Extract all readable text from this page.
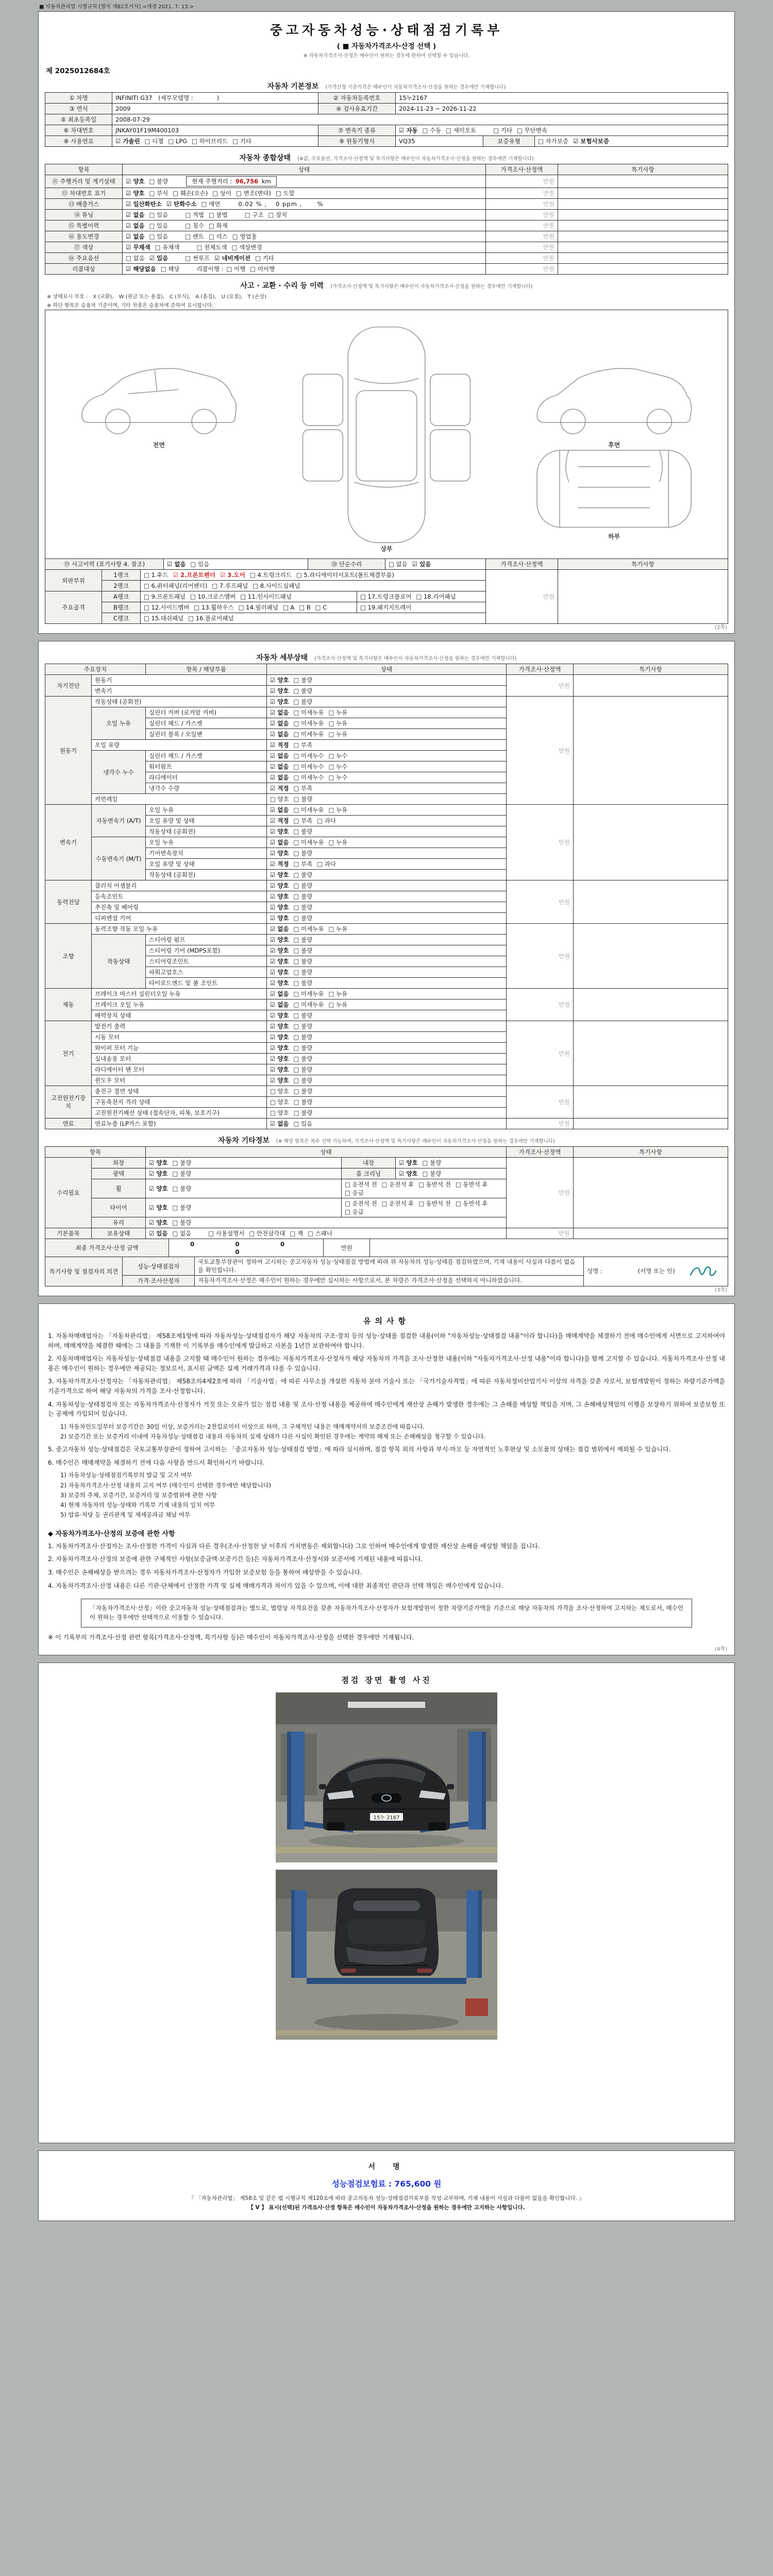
■ 자동차관리법 시행규칙 [별지 제82호서식] <개정 2021. 7. 13.>
중고자동차성능·상태점검기록부
( ■ 자동차가격조사·산정 선택 )
※ 자동차가격조사·산정은 매수인이 원하는 경우에 한하여 선택할 수 있습니다.
제 2025012684호
자동차 기본정보 (가격산정 기준가격은 매수인이 자동차가격조사·산정을 원하는 경우에만 기재합니다)
① 차명	INFINITI G37　(세부모델명 :　　　　)	② 자동차등록번호	15누2167		
③ 연식	2009	④ 검사유효기간	2024-11-23 ~ 2026-11-22		
⑤ 최초등록일	2008-07-29				
⑥ 차대번호	JNKAY01F19M400103	⑦ 변속기 종류	☑ 자동 □ 수동 □ 세미오토 □ 기타 □ 무단변속		
⑧ 사용연료	☑ 가솔린 □ 디젤 □ LPG □ 하이브리드 □ 기타	⑨ 원동기형식	VQ35	보증유형	□ 자가보증 ☑ 보험사보증
자동차 종합상태 (※값, 주요옵션, 가격조사·산정액 및 특기사항은 매수인이 자동차가격조사·산정을 원하는 경우에만 기재합니다)
항목	상태	가격조사·산정액	특기사항
⑪ 주행거리 및 계기상태	☑ 양호 □ 불량 현재 주행거리 : 96,756 km	만원	
⑫ 차대번호 표기	☑ 양호 □ 부식 □ 훼손(오손) □ 상이 □ 변조(변타) □ 도말	만원	
⑬ 배출가스	☑ 일산화탄소 ☑ 탄화수소 □ 매연 0.02 % ,　 0 ppm ,　　 %	만원	
⑭ 튜닝	☑ 없음 □ 있음 □ 적법 □ 불법 □ 구조 □ 장치	만원	
⑮ 특별이력	☑ 없음 □ 있음 □ 침수 □ 화재	만원	
⑯ 용도변경	☑ 없음 □ 있음 □ 렌트 □ 리스 □ 영업용	만원	
⑰ 색상	☑ 무채색 □ 유채색 □ 전체도색 □ 색상변경	만원	
⑱ 주요옵션	□ 없음 ☑ 있음 □ 썬루프 ☑ 네비게이션 □ 기타	만원	
리콜대상	☑ 해당없음 □ 해당 리콜이행 : □ 이행 □ 미이행	만원	
사고 · 교환 · 수리 등 이력 (가격조사·산정액 및 특기사항은 매수인이 자동차가격조사·산정을 원하는 경우에만 기재합니다)
※ 상태표시 부호 :　X (교환),　W (판금 또는 용접),　C (부식),　A (흠집),　U (요철),　T (손상)
※ 하단 항목은 승용차 기준이며, 기타 차종은 승용차에 준하여 표시합니다.
전면
상부
후면
하부
⑲ 사고이력 (표기사항 4. 참조)	☑ 없음 □ 있음	⑳ 단순수리	□ 없음 ☑ 있음	가격조사·산정액	특기사항
외판부위	1랭크	□ 1.후드 ☑ 2.프론트펜더 ☑ 3.도어 □ 4.트렁크리드 □ 5.라디에이터서포트(볼트체결부품)		만원	
	2랭크	□ 6.쿼터패널(리어펜더) □ 7.루프패널 □ 8.사이드실패널			
주요골격	A랭크	□ 9.프론트패널 □ 10.크로스멤버 □ 11.인사이드패널	□ 17.트렁크플로어 □ 18.리어패널		
	B랭크	□ 12.사이드멤버 □ 13.휠하우스 □ 14.필러패널 □ A □ B □ C	□ 19.패키지트레이		
	C랭크	□ 15.대쉬패널 □ 16.플로어패널			
(2쪽)
자동차 세부상태 (가격조사·산정액 및 특기사항은 매수인이 자동차가격조사·산정을 원하는 경우에만 기재합니다)
주요장치		항목 / 해당부품	상태	가격조사·산정액	특기사항
자기진단	원동기		☑ 양호 □ 불량	만원	
	변속기		☑ 양호 □ 불량		
원동기	작동상태 (공회전)		☑ 양호 □ 불량	만원	
	오일 누유	실린더 커버 (로커암 커버)	☑ 없음 □ 미세누유 □ 누유		
		실린더 헤드 / 가스켓	☑ 없음 □ 미세누유 □ 누유		
		실린더 블록 / 오일팬	☑ 없음 □ 미세누유 □ 누유		
	오일 유량		☑ 적정 □ 부족		
	냉각수 누수	실린더 헤드 / 가스켓	☑ 없음 □ 미세누수 □ 누수		
		워터펌프	☑ 없음 □ 미세누수 □ 누수		
		라디에이터	☑ 없음 □ 미세누수 □ 누수		
		냉각수 수량	☑ 적정 □ 부족		
	커먼레일		□ 양호 □ 불량		
변속기	자동변속기 (A/T)	오일 누유	☑ 없음 □ 미세누유 □ 누유	만원	
		오일 유량 및 상태	☑ 적정 □ 부족 □ 과다		
		작동상태 (공회전)	☑ 양호 □ 불량		
	수동변속기 (M/T)	오일 누유	☑ 없음 □ 미세누유 □ 누유		
		기어변속장치	☑ 양호 □ 불량		
		오일 유량 및 상태	☑ 적정 □ 부족 □ 과다		
		작동상태 (공회전)	☑ 양호 □ 불량		
동력전달	클러치 어셈블리		☑ 양호 □ 불량	만원	
	등속조인트		☑ 양호 □ 불량		
	추진축 및 베어링		☑ 양호 □ 불량		
	디퍼렌셜 기어		☑ 양호 □ 불량		
조향	동력조향 작동 오일 누유		☑ 없음 □ 미세누유 □ 누유	만원	
	작동상태	스티어링 펌프	☑ 양호 □ 불량		
		스티어링 기어 (MDPS포함)	☑ 양호 □ 불량		
		스티어링조인트	☑ 양호 □ 불량		
		파워고압호스	☑ 양호 □ 불량		
		타이로드엔드 및 볼 조인트	☑ 양호 □ 불량		
제동	브레이크 마스터 실린더오일 누유		☑ 없음 □ 미세누유 □ 누유	만원	
	브레이크 오일 누유		☑ 없음 □ 미세누유 □ 누유		
	배력장치 상태		☑ 양호 □ 불량		
전기	발전기 출력		☑ 양호 □ 불량	만원	
	시동 모터		☑ 양호 □ 불량		
	와이퍼 모터 기능		☑ 양호 □ 불량		
	실내송풍 모터		☑ 양호 □ 불량		
	라디에이터 팬 모터		☑ 양호 □ 불량		
	윈도우 모터		☑ 양호 □ 불량		
고전원전기장치	충전구 절연 상태		□ 양호 □ 불량	만원	
	구동축전지 격리 상태		□ 양호 □ 불량		
	고전원전기배선 상태 (접속단자, 피복, 보호기구)		□ 양호 □ 불량		
연료	연료누출 (LP가스 포함)		☑ 없음 □ 있음	만원	
자동차 기타정보 (※ 해당 항목은 복수 선택 가능하며, 가격조사·산정액 및 특기사항은 매수인이 자동차가격조사·산정을 원하는 경우에만 기재합니다)
항목		상태			가격조사·산정액	특기사항
수리필요	외장	☑ 양호 □ 불량	내장	☑ 양호 □ 불량	만원	
	광택	☑ 양호 □ 불량	룸 크리닝	☑ 양호 □ 불량		
	휠	☑ 양호 □ 불량	□ 운전석 전 □ 운전석 후 □ 동반석 전 □ 동반석 후□ 응급			
	타이어	☑ 양호 □ 불량	□ 운전석 전 □ 운전석 후 □ 동반석 전 □ 동반석 후□ 응급			
	유리	☑ 양호 □ 불량				
기본품목	보유상태	☑ 있음 □ 없음 □ 사용설명서 □ 안전삼각대 □ 잭 □ 스패너			만원	
최종 가격조사·산정 금액	0　0　0　0	만원	
특기사항 및 점검자의 의견	성능·상태점검자	국토교통부장관이 정하여 고시하는 중고자동차 성능·상태점검 방법에 따라 위 자동차의 성능·상태를 점검하였으며, 기재 내용이 사실과 다름이 없음을 확인합니다.	성명 :　　　　　　(서명 또는 인)

	가격·조사산정자	자동차가격조사·산정은 매수인이 원하는 경우에만 실시하는 사항으로서, 본 차량은 가격조사·산정을 선택하지 아니하였습니다.	
(3쪽)
유의사항
1. 자동차매매업자는 「자동차관리법」 제58조제1항에 따라 자동차성능·상태점검자가 해당 자동차의 구조·장치 등의 성능·상태를 점검한 내용(이하 "자동차성능·상태점검 내용"이라 합니다)을 매매계약을 체결하기 전에 매수인에게 서면으로 고지하여야 하며, 매매계약을 체결한 때에는 그 내용을 기재한 이 기록부를 매수인에게 발급하고 사본을 1년간 보관하여야 합니다.
2. 자동차매매업자는 자동차성능·상태점검 내용을 고지할 때 매수인이 원하는 경우에는 자동차가격조사·산정자가 해당 자동차의 가격을 조사·산정한 내용(이하 "자동차가격조사·산정 내용"이라 합니다)을 함께 고지할 수 있습니다. 자동차가격조사·산정 내용은 매수인이 원하는 경우에만 제공되는 정보로서, 표시된 금액은 실제 거래가격과 다를 수 있습니다.
3. 자동차가격조사·산정자는 「자동차관리법」 제58조의4제2호에 따라 「기술사법」에 따른 사무소를 개설한 자동차 분야 기술사 또는 「국가기술자격법」에 따른 자동차정비산업기사 이상의 자격을 갖춘 자로서, 보험개발원이 정하는 차량기준가액을 기준가격으로 하여 해당 자동차의 가격을 조사·산정합니다.
4. 자동차성능·상태점검자 또는 자동차가격조사·산정자가 거짓 또는 오류가 있는 점검 내용 및 조사·산정 내용을 제공하여 매수인에게 재산상 손해가 발생한 경우에는 그 손해를 배상할 책임을 지며, 그 손해배상책임의 이행을 보장하기 위하여 보증보험 또는 공제에 가입되어 있습니다.
1) 자동차인도일부터 보증기간은 30일 이상, 보증거리는 2천킬로미터 이상으로 하며, 그 구체적인 내용은 매매계약서의 보증조건에 따릅니다.
2) 보증기간 또는 보증거리 이내에 자동차성능·상태점검 내용과 자동차의 실제 상태가 다른 사실이 확인된 경우에는 계약의 해제 또는 손해배상을 청구할 수 있습니다.
5. 중고자동차 성능·상태점검은 국토교통부장관이 정하여 고시하는 「중고자동차 성능·상태점검 방법」에 따라 실시하며, 점검 항목 외의 사항과 부식·마모 등 자연적인 노후현상 및 소모품의 상태는 점검 범위에서 제외될 수 있습니다.
6. 매수인은 매매계약을 체결하기 전에 다음 사항을 반드시 확인하시기 바랍니다.
1) 자동차성능·상태점검기록부의 발급 및 고지 여부
2) 자동차가격조사·산정 내용의 고지 여부 (매수인이 선택한 경우에만 해당합니다)
3) 보증의 주체, 보증기간, 보증거리 및 보증범위에 관한 사항
4) 현재 자동차의 성능·상태와 기록부 기재 내용의 일치 여부
5) 압류·저당 등 권리관계 및 제세공과금 체납 여부
◆ 자동차가격조사·산정의 보증에 관한 사항
1. 자동차가격조사·산정자는 조사·산정한 가격이 사실과 다른 경우(조사·산정한 날 이후의 가치변동은 제외합니다) 그로 인하여 매수인에게 발생한 재산상 손해를 배상할 책임을 집니다.
2. 자동차가격조사·산정의 보증에 관한 구체적인 사항(보증금액·보증기간 등)은 자동차가격조사·산정서와 보증서에 기재된 내용에 따릅니다.
3. 매수인은 손해배상을 받으려는 경우 자동차가격조사·산정자가 가입한 보증보험 등을 통하여 배상받을 수 있습니다.
4. 자동차가격조사·산정 내용은 다른 기관·단체에서 산정한 가격 및 실제 매매가격과 차이가 있을 수 있으며, 이에 대한 최종적인 판단과 선택 책임은 매수인에게 있습니다.
「자동차가격조사·산정」이란 중고자동차 성능·상태점검과는 별도로, 법령상 자격요건을 갖춘 자동차가격조사·산정자가 보험개발원이 정한 차량기준가액을 기준으로 해당 자동차의 가격을 조사·산정하여 고지하는 제도로서, 매수인이 원하는 경우에만 선택적으로 이용할 수 있습니다.
※ 이 기록부의 가격조사·산정 관련 항목(가격조사·산정액, 특기사항 등)은 매수인이 자동차가격조사·산정을 선택한 경우에만 기재됩니다.
(4쪽)
점검 장면 촬영 사진
15누 2167
서　명
성능점검보험료 : 765,600 원
『 「자동차관리법」 제58조 및 같은 법 시행규칙 제120조에 따라 중고자동차 성능·상태점검기록부를 작성·교부하며, 기재 내용이 사실과 다름이 없음을 확인합니다. 』
【 V 】 표시(선택)된 가격조사·산정 항목은 매수인이 자동차가격조사·산정을 원하는 경우에만 고지하는 사항입니다.
